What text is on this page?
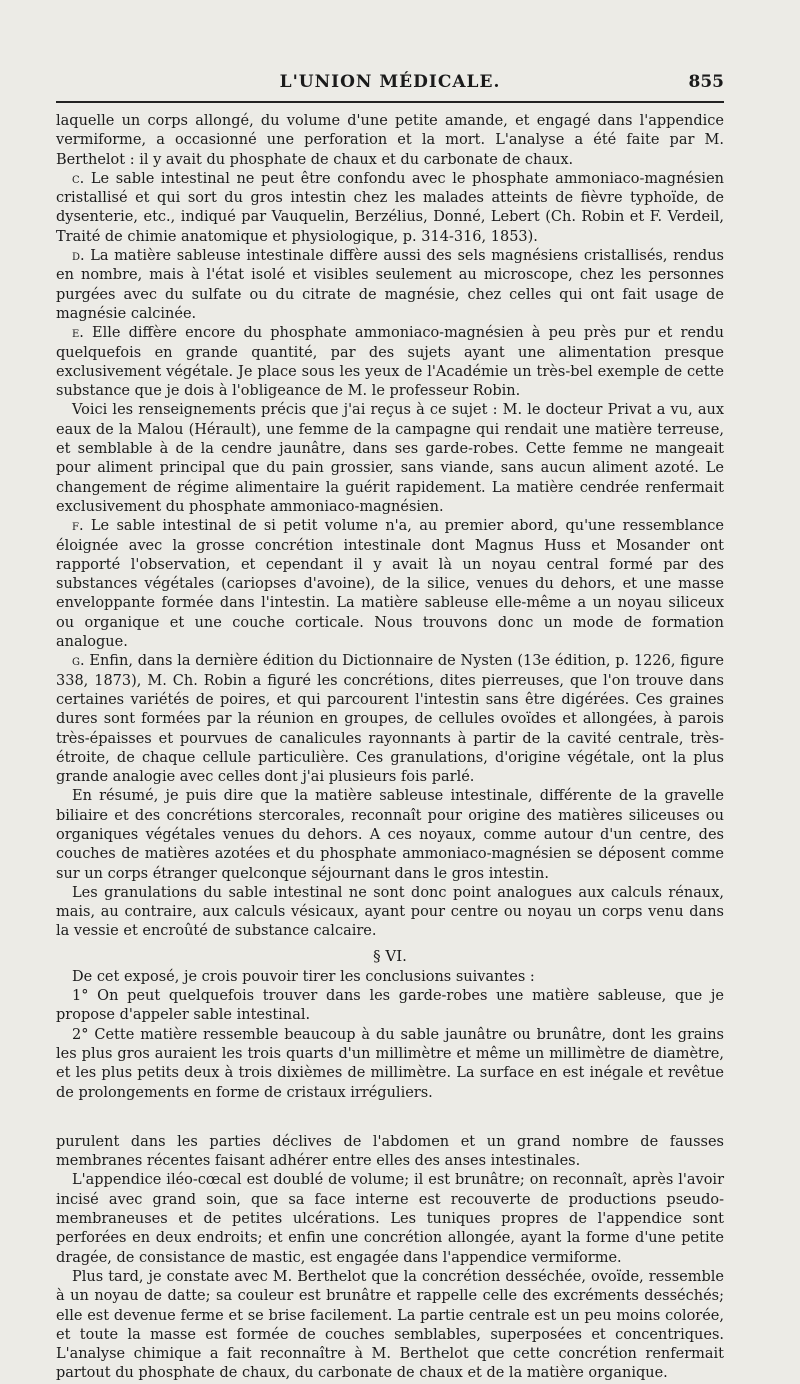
L'UNION MÉDICALE.	855

laquelle un corps allongé, du volume d'une petite amande, et engagé dans l'appendice vermiforme, a occasionné une perforation et la mort. L'analyse a été faite par M. Berthelot : il y avait du phosphate de chaux et du carbonate de chaux.

c. Le sable intestinal ne peut être confondu avec le phosphate ammoniaco-magnésien cristallisé et qui sort du gros intestin chez les malades atteints de fièvre typhoïde, de dysenterie, etc., indiqué par Vauquelin, Berzélius, Donné, Lebert (Ch. Robin et F. Verdeil, Traité de chimie anatomique et physiologique, p. 314-316, 1853).

d. La matière sableuse intestinale diffère aussi des sels magnésiens cristallisés, rendus en nombre, mais à l'état isolé et visibles seulement au microscope, chez les personnes purgées avec du sulfate ou du citrate de magnésie, chez celles qui ont fait usage de magnésie calcinée.

e. Elle diffère encore du phosphate ammoniaco-magnésien à peu près pur et rendu quelquefois en grande quantité, par des sujets ayant une alimentation presque exclusivement végétale. Je place sous les yeux de l'Académie un très-bel exemple de cette substance que je dois à l'obligeance de M. le professeur Robin.

Voici les renseignements précis que j'ai reçus à ce sujet : M. le docteur Privat a vu, aux eaux de la Malou (Hérault), une femme de la campagne qui rendait une matière terreuse, et semblable à de la cendre jaunâtre, dans ses garde-robes. Cette femme ne mangeait pour aliment principal que du pain grossier, sans viande, sans aucun aliment azoté. Le changement de régime alimentaire la guérit rapidement. La matière cendrée renfermait exclusivement du phosphate ammoniaco-magnésien.

f. Le sable intestinal de si petit volume n'a, au premier abord, qu'une ressemblance éloignée avec la grosse concrétion intestinale dont Magnus Huss et Mosander ont rapporté l'observation, et cependant il y avait là un noyau central formé par des substances végétales (cariopses d'avoine), de la silice, venues du dehors, et une masse enveloppante formée dans l'intestin. La matière sableuse elle-même a un noyau siliceux ou organique et une couche corticale. Nous trouvons donc un mode de formation analogue.

g. Enfin, dans la dernière édition du Dictionnaire de Nysten (13e édition, p. 1226, figure 338, 1873), M. Ch. Robin a figuré les concrétions, dites pierreuses, que l'on trouve dans certaines variétés de poires, et qui parcourent l'intestin sans être digérées. Ces graines dures sont formées par la réunion en groupes, de cellules ovoïdes et allongées, à parois très-épaisses et pourvues de canalicules rayonnants à partir de la cavité centrale, très-étroite, de chaque cellule particulière. Ces granulations, d'origine végétale, ont la plus grande analogie avec celles dont j'ai plusieurs fois parlé.

En résumé, je puis dire que la matière sableuse intestinale, différente de la gravelle biliaire et des concrétions stercorales, reconnaît pour origine des matières siliceuses ou organiques végétales venues du dehors. A ces noyaux, comme autour d'un centre, des couches de matières azotées et du phosphate ammoniaco-magnésien se déposent comme sur un corps étranger quelconque séjournant dans le gros intestin.

Les granulations du sable intestinal ne sont donc point analogues aux calculs rénaux, mais, au contraire, aux calculs vésicaux, ayant pour centre ou noyau un corps venu dans la vessie et encroûté de substance calcaire.

§ VI.

De cet exposé, je crois pouvoir tirer les conclusions suivantes :

1° On peut quelquefois trouver dans les garde-robes une matière sableuse, que je propose d'appeler sable intestinal.

2° Cette matière ressemble beaucoup à du sable jaunâtre ou brunâtre, dont les grains les plus gros auraient les trois quarts d'un millimètre et même un millimètre de diamètre, et les plus petits deux à trois dixièmes de millimètre. La surface en est inégale et revêtue de prolongements en forme de cristaux irréguliers.

purulent dans les parties déclives de l'abdomen et un grand nombre de fausses membranes récentes faisant adhérer entre elles des anses intestinales.

L'appendice iléo-cœcal est doublé de volume; il est brunâtre; on reconnaît, après l'avoir incisé avec grand soin, que sa face interne est recouverte de productions pseudo-membraneuses et de petites ulcérations. Les tuniques propres de l'appendice sont perforées en deux endroits; et enfin une concrétion allongée, ayant la forme d'une petite dragée, de consistance de mastic, est engagée dans l'appendice vermiforme.

Plus tard, je constate avec M. Berthelot que la concrétion desséchée, ovoïde, ressemble à un noyau de datte; sa couleur est brunâtre et rappelle celle des excréments desséchés; elle est devenue ferme et se brise facilement. La partie centrale est un peu moins colorée, et toute la masse est formée de couches semblables, superposées et concentriques. L'analyse chimique a fait reconnaître à M. Berthelot que cette concrétion renfermait partout du phosphate de chaux, du carbonate de chaux et de la matière organique.
